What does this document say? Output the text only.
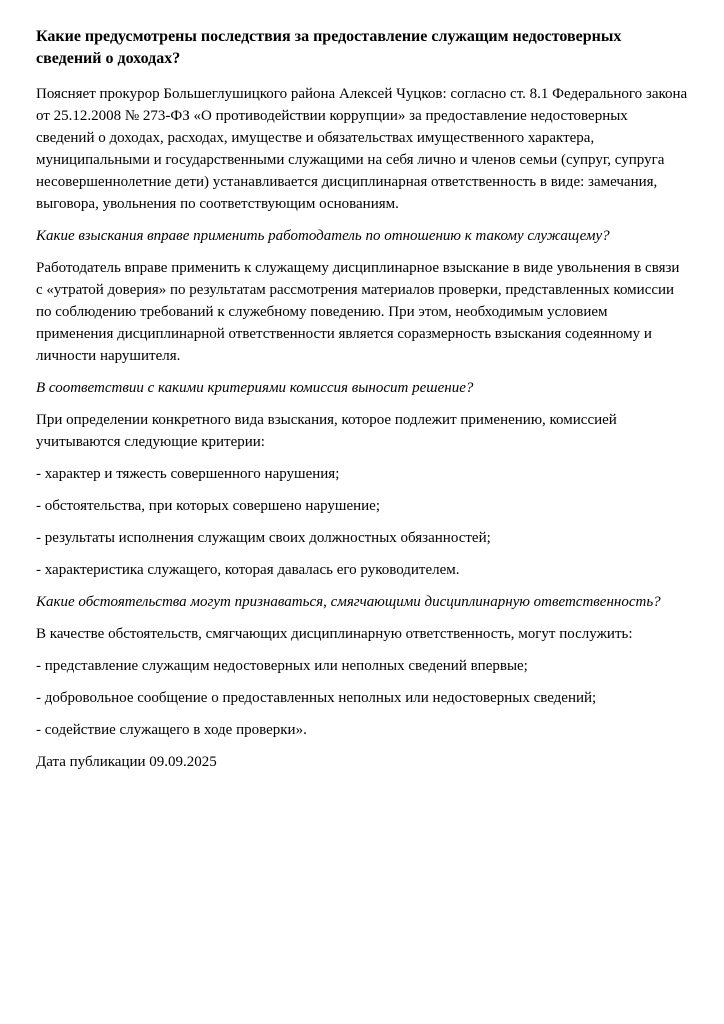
Какие предусмотрены последствия за предоставление служащим недостоверных сведений о доходах?

Поясняет прокурор Большеглушицкого района Алексей Чуцков: согласно ст. 8.1 Федерального закона от 25.12.2008 № 273-ФЗ «О противодействии коррупции» за предоставление недостоверных сведений о доходах, расходах, имуществе и обязательствах имущественного характера, муниципальными и государственными служащими на себя лично и членов семьи (супруг, супруга несовершеннолетние дети) устанавливается дисциплинарная ответственность в виде: замечания, выговора, увольнения по соответствующим основаниям.

Какие взыскания вправе применить работодатель по отношению к такому служащему?

Работодатель вправе применить к служащему дисциплинарное взыскание в виде увольнения в связи с «утратой доверия» по результатам рассмотрения материалов проверки, представленных комиссии по соблюдению требований к служебному поведению. При этом, необходимым условием применения дисциплинарной ответственности является соразмерность взыскания содеянному и личности нарушителя.

В соответствии с какими критериями комиссия выносит решение?

При определении конкретного вида взыскания, которое подлежит применению, комиссией учитываются следующие критерии:

- характер и тяжесть совершенного нарушения;

- обстоятельства, при которых совершено нарушение;

- результаты исполнения служащим своих должностных обязанностей;

- характеристика служащего, которая давалась его руководителем.

Какие обстоятельства могут признаваться, смягчающими дисциплинарную ответственность?

В качестве обстоятельств, смягчающих дисциплинарную ответственность, могут послужить:

- представление служащим недостоверных или неполных сведений впервые;

- добровольное сообщение о предоставленных неполных или недостоверных сведений;

- содействие служащего в ходе проверки».

Дата публикации 09.09.2025
